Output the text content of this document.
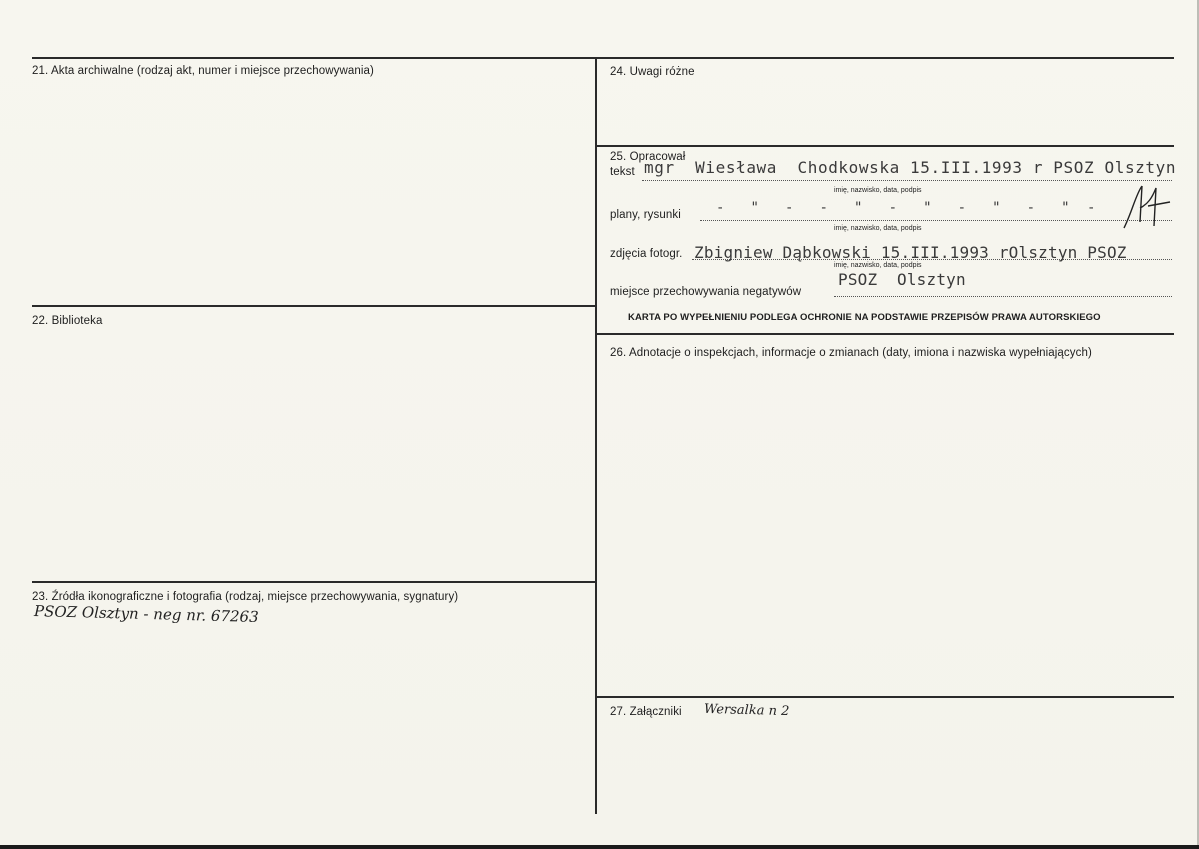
21. Akta archiwalne (rodzaj akt, numer i miejsce przechowywania)
22. Biblioteka
23. Źródła ikonograficzne i fotografia (rodzaj, miejsce przechowywania, sygnatury)
PSOZ Olsztyn - neg nr. 67263
24. Uwagi różne
25. Opracował
tekst mgr  Wiesława  Chodkowska 15.III.1993 r PSOZ Olsztyn
imię, nazwisko, data, podpis
plany, rysunki	-   "   -   -   "   -   "   -   "   -   "  -
imię, nazwisko, data, podpis
zdjęcia fotogr. Zbigniew Dąbkowski 15.III.1993 rOlsztyn PSOZ
imię, nazwisko, data, podpis
miejsce przechowywania negatywów
PSOZ  Olsztyn
KARTA PO WYPEŁNIENIU PODLEGA OCHRONIE NA PODSTAWIE PRZEPISÓW PRAWA AUTORSKIEGO
26. Adnotacje o inspekcjach, informacje o zmianach (daty, imiona i nazwiska wypełniających)
27. Załączniki Wersalka n 2
